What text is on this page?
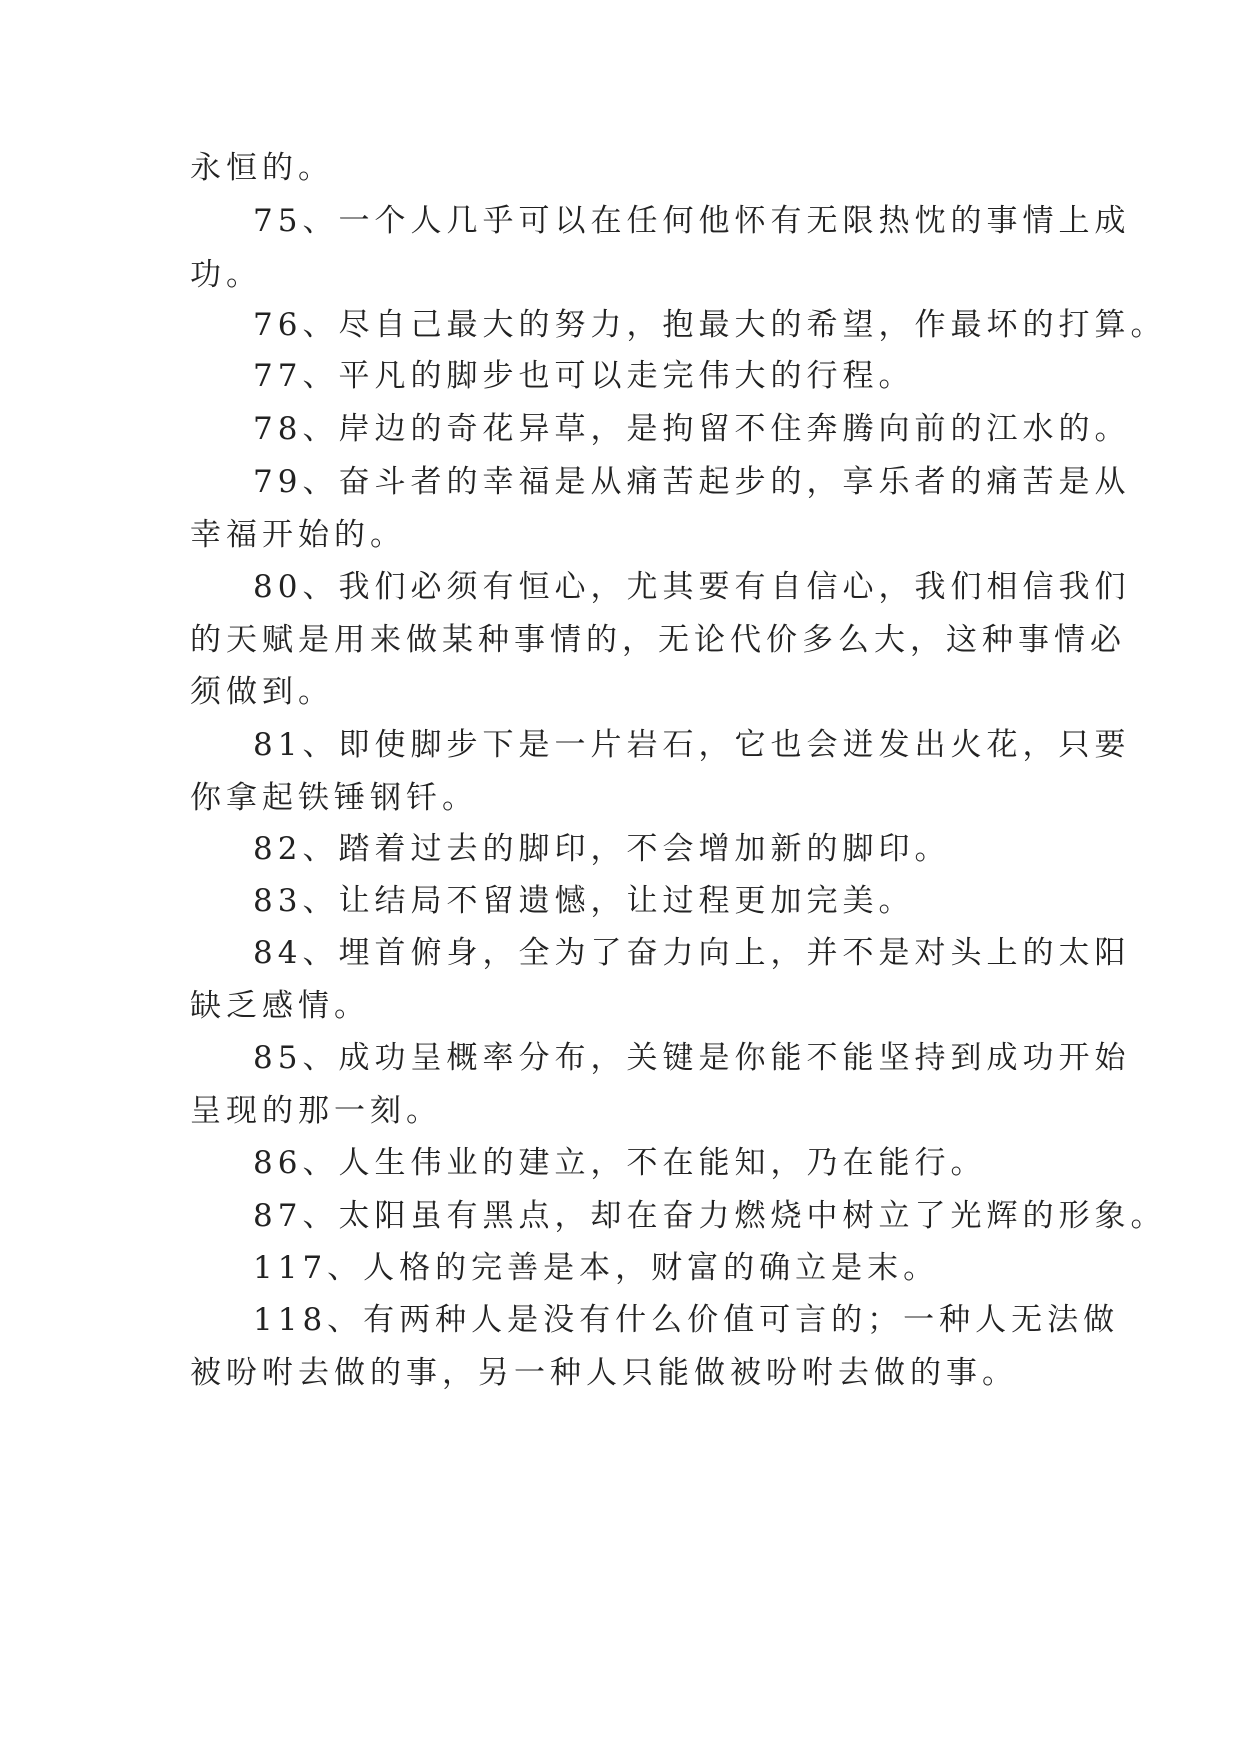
永恒的。
75、一个人几乎可以在任何他怀有无限热忱的事情上成
功。
76、尽自己最大的努力，抱最大的希望，作最坏的打算。
77、平凡的脚步也可以走完伟大的行程。
78、岸边的奇花异草，是拘留不住奔腾向前的江水的。
79、奋斗者的幸福是从痛苦起步的，享乐者的痛苦是从
幸福开始的。
80、我们必须有恒心，尤其要有自信心，我们相信我们
的天赋是用来做某种事情的，无论代价多么大，这种事情必
须做到。
81、即使脚步下是一片岩石，它也会迸发出火花，只要
你拿起铁锤钢钎。
82、踏着过去的脚印，不会增加新的脚印。
83、让结局不留遗憾，让过程更加完美。
84、埋首俯身，全为了奋力向上，并不是对头上的太阳
缺乏感情。
85、成功呈概率分布，关键是你能不能坚持到成功开始
呈现的那一刻。
86、人生伟业的建立，不在能知，乃在能行。
87、太阳虽有黑点，却在奋力燃烧中树立了光辉的形象。
117、人格的完善是本，财富的确立是末。
118、有两种人是没有什么价值可言的；一种人无法做
被吩咐去做的事，另一种人只能做被吩咐去做的事。
